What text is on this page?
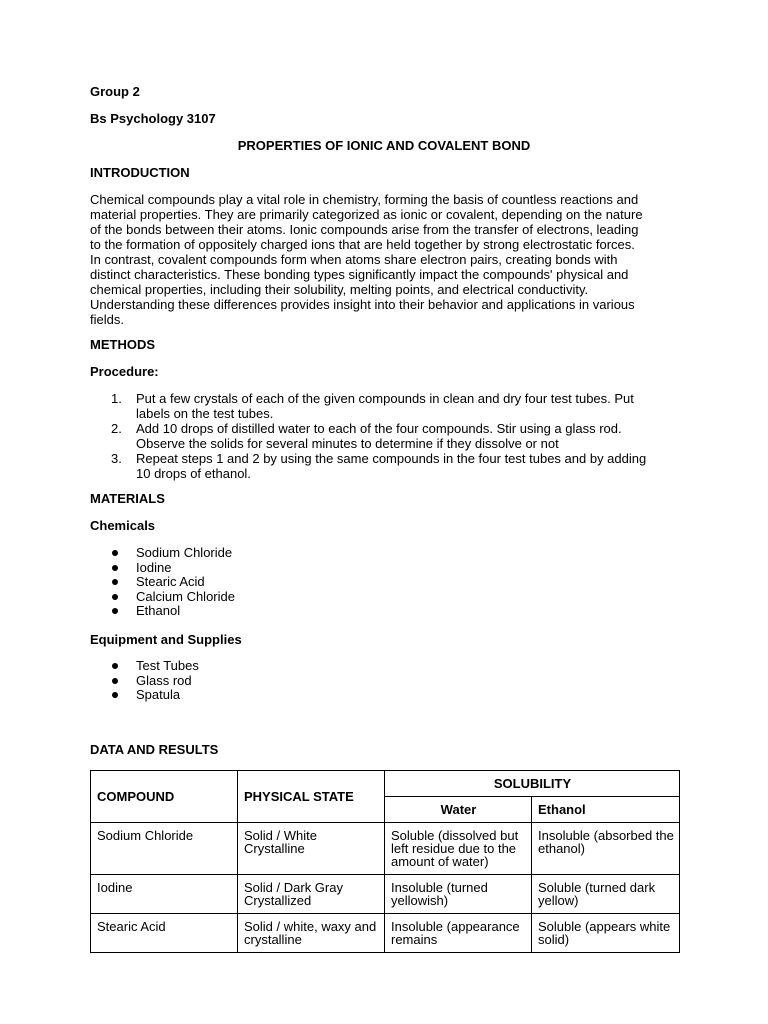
Group 2
Bs Psychology 3107
PROPERTIES OF IONIC AND COVALENT BOND
INTRODUCTION
Chemical compounds play a vital role in chemistry, forming the basis of countless reactions and
material properties. They are primarily categorized as ionic or covalent, depending on the nature
of the bonds between their atoms. Ionic compounds arise from the transfer of electrons, leading
to the formation of oppositely charged ions that are held together by strong electrostatic forces.
In contrast, covalent compounds form when atoms share electron pairs, creating bonds with
distinct characteristics. These bonding types significantly impact the compounds' physical and
chemical properties, including their solubility, melting points, and electrical conductivity.
Understanding these differences provides insight into their behavior and applications in various
fields.
METHODS
Procedure:
1. Put a few crystals of each of the given compounds in clean and dry four test tubes. Put
labels on the test tubes.
2. Add 10 drops of distilled water to each of the four compounds. Stir using a glass rod.
Observe the solids for several minutes to determine if they dissolve or not
3. Repeat steps 1 and 2 by using the same compounds in the four test tubes and by adding
10 drops of ethanol.
MATERIALS
Chemicals
Sodium Chloride
Iodine
Stearic Acid
Calcium Chloride
Ethanol
Equipment and Supplies
Test Tubes
Glass rod
Spatula
DATA AND RESULTS
COMPOUND	PHYSICAL STATE	SOLUBILITY	
		Water	Ethanol
Sodium Chloride	Solid / White Crystalline	Soluble (dissolved but left residue due to the amount of water)	Insoluble (absorbed the ethanol)
Iodine	Solid / Dark Gray Crystallized	Insoluble (turned yellowish)	Soluble (turned dark yellow)
Stearic Acid	Solid / white, waxy and crystalline	Insoluble (appearance remains	Soluble (appears white solid)
